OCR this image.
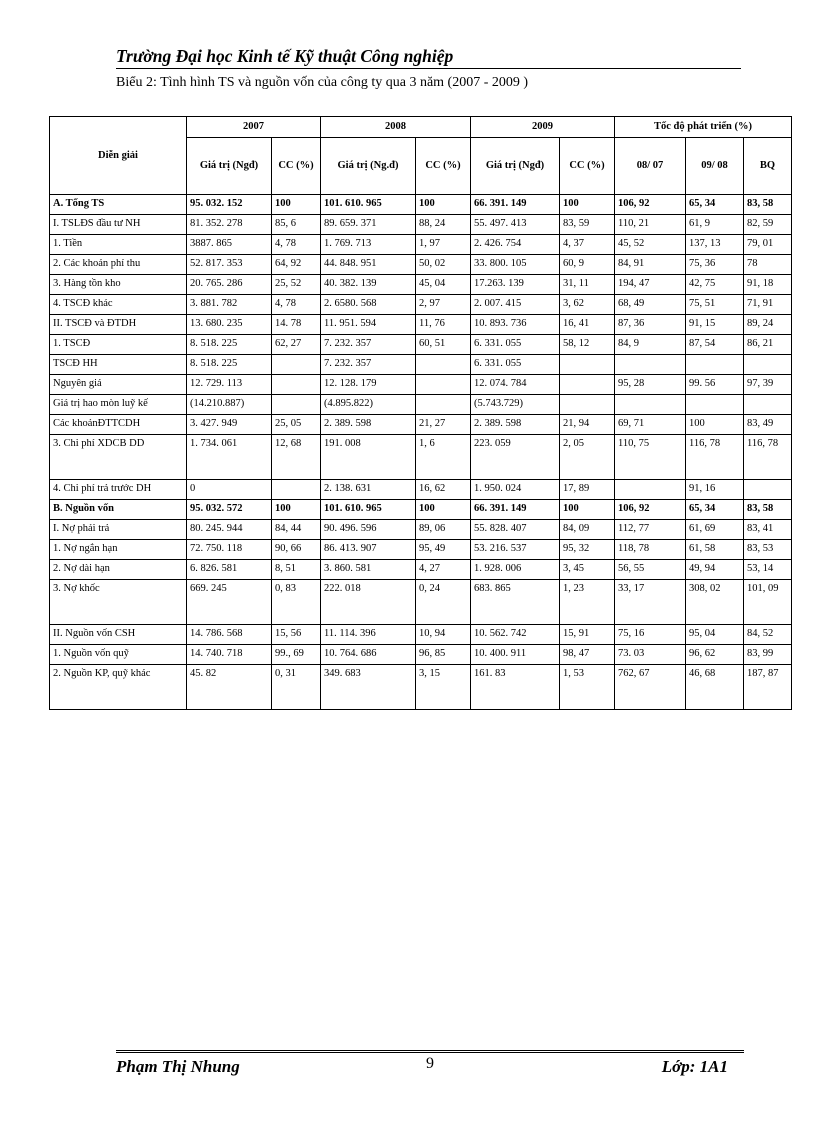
Trường Đại học Kinh tế Kỹ thuật Công nghiệp
Biểu 2: Tình hình TS và nguồn vốn của công ty qua 3 năm (2007 - 2009 )
Diễn giải	2007		2008		2009		Tốc độ phát triển (%)		
	Giá trị (Ngđ)	CC (%)	Giá trị (Ng.đ)	CC (%)	Giá trị (Ngđ)	CC (%)	08/ 07	09/ 08	BQ
A. Tổng TS	95. 032. 152	100	101. 610. 965	100	66. 391. 149	100	106, 92	65, 34	83, 58
I. TSLĐS đầu tư NH	81. 352. 278	85, 6	89. 659. 371	88, 24	55. 497. 413	83, 59	110, 21	61, 9	82, 59
1. Tiền	3887. 865	4, 78	1. 769. 713	1, 97	2. 426. 754	4, 37	45, 52	137, 13	79, 01
2. Các khoản phí thu	52. 817. 353	64, 92	44. 848. 951	50, 02	33. 800. 105	60, 9	84, 91	75, 36	78
3. Hàng tồn kho	20. 765. 286	25, 52	40. 382. 139	45, 04	17.263. 139	31, 11	194, 47	42, 75	91, 18
4. TSCĐ khác	3. 881. 782	4, 78	2. 6580. 568	2, 97	2. 007. 415	3, 62	68, 49	75, 51	71, 91
II. TSCĐ và ĐTDH	13. 680. 235	14. 78	11. 951. 594	11, 76	10. 893. 736	16, 41	87, 36	91, 15	89, 24
1. TSCĐ	8. 518. 225	62, 27	7. 232. 357	60, 51	6. 331. 055	58, 12	84, 9	87, 54	86, 21
TSCĐ HH	8. 518. 225		7. 232. 357		6. 331. 055				
Nguyên giá	12. 729. 113		12. 128. 179		12. 074. 784		95, 28	99. 56	97, 39
Giá trị hao mòn luỹ kế	(14.210.887)		(4.895.822)		(5.743.729)				
Các khoảnĐTTCDH	3. 427. 949	25, 05	2. 389. 598	21, 27	2. 389. 598	21, 94	69, 71	100	83, 49
3. Chi phí XDCB DD	1. 734. 061	12, 68	191. 008	1, 6	223. 059	2, 05	110, 75	116, 78	116, 78
4. Chi phí trả trước DH	0		2. 138. 631	16, 62	1. 950. 024	17, 89		91, 16	
B. Nguồn vốn	95. 032. 572	100	101. 610. 965	100	66. 391. 149	100	106, 92	65, 34	83, 58
I. Nợ phải trả	80. 245. 944	84, 44	90. 496. 596	89, 06	55. 828. 407	84, 09	112, 77	61, 69	83, 41
1. Nợ ngắn hạn	72. 750. 118	90, 66	86. 413. 907	95, 49	53. 216. 537	95, 32	118, 78	61, 58	83, 53
2. Nợ dài hạn	6. 826. 581	8, 51	3. 860. 581	4, 27	1. 928. 006	3, 45	56, 55	49, 94	53, 14
3. Nợ khốc	669. 245	0, 83	222. 018	0, 24	683. 865	1, 23	33, 17	308, 02	101, 09
II. Nguồn vốn CSH	14. 786. 568	15, 56	11. 114. 396	10, 94	10. 562. 742	15, 91	75, 16	95, 04	84, 52
1. Nguồn vốn quỹ	14. 740. 718	99., 69	10. 764. 686	96, 85	10. 400. 911	98, 47	73. 03	96, 62	83, 99
2. Nguồn KP, quỹ khác	45. 82	0, 31	349. 683	3, 15	161. 83	1, 53	762, 67	46, 68	187, 87
Phạm Thị Nhung	9	Lớp: 1A1
